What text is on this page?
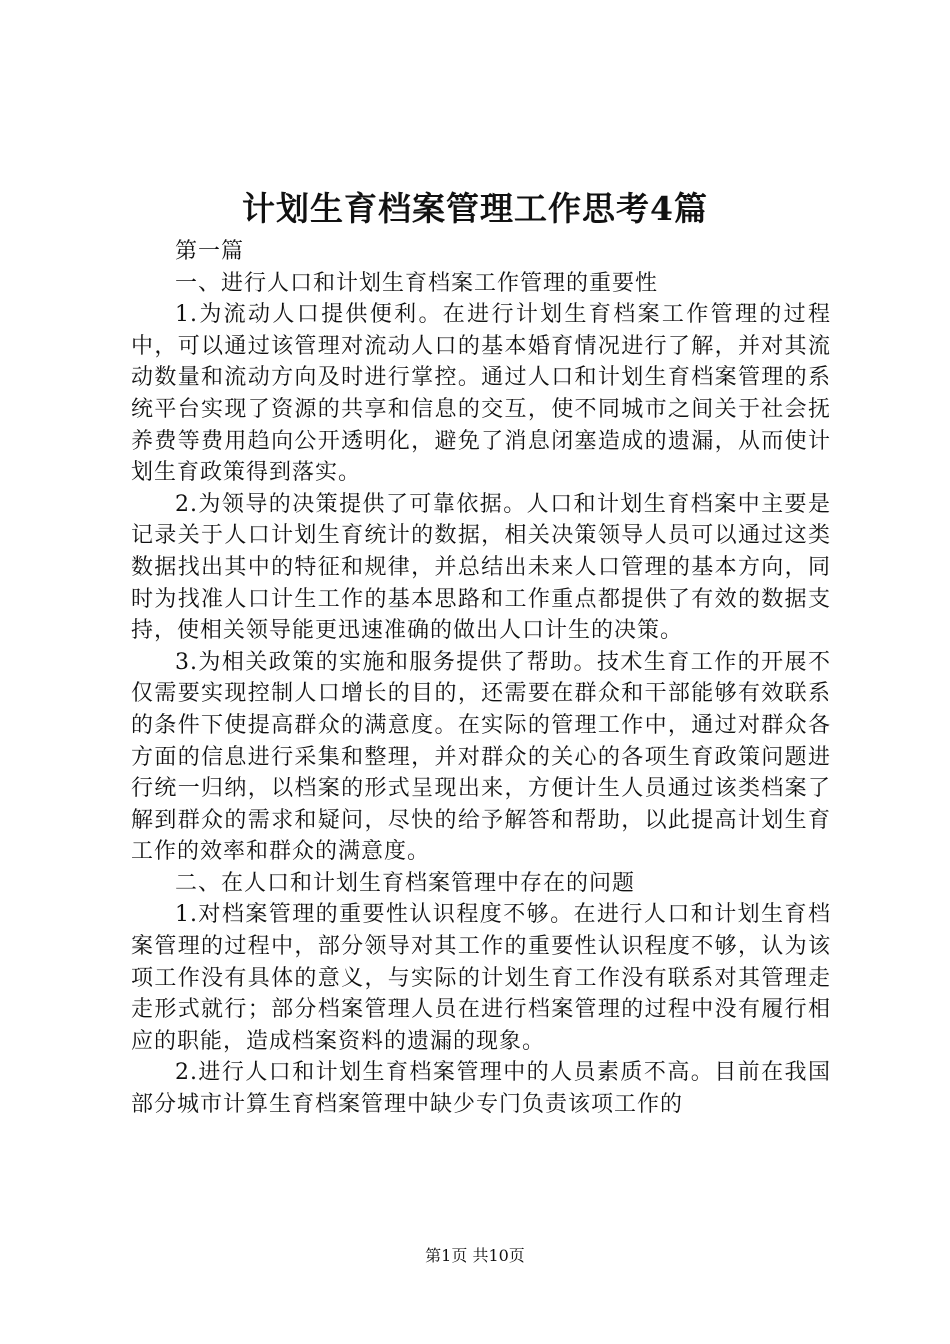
计划生育档案管理工作思考4篇

第一篇

一、进行人口和计划生育档案工作管理的重要性

1.为流动人口提供便利。在进行计划生育档案工作管理的过程中，可以通过该管理对流动人口的基本婚育情况进行了解，并对其流动数量和流动方向及时进行掌控。通过人口和计划生育档案管理的系统平台实现了资源的共享和信息的交互，使不同城市之间关于社会抚养费等费用趋向公开透明化，避免了消息闭塞造成的遗漏，从而使计划生育政策得到落实。

2.为领导的决策提供了可靠依据。人口和计划生育档案中主要是记录关于人口计划生育统计的数据，相关决策领导人员可以通过这类数据找出其中的特征和规律，并总结出未来人口管理的基本方向，同时为找准人口计生工作的基本思路和工作重点都提供了有效的数据支持，使相关领导能更迅速准确的做出人口计生的决策。

3.为相关政策的实施和服务提供了帮助。技术生育工作的开展不仅需要实现控制人口增长的目的，还需要在群众和干部能够有效联系的条件下使提高群众的满意度。在实际的管理工作中，通过对群众各方面的信息进行采集和整理，并对群众的关心的各项生育政策问题进行统一归纳，以档案的形式呈现出来，方便计生人员通过该类档案了解到群众的需求和疑问，尽快的给予解答和帮助，以此提高计划生育工作的效率和群众的满意度。

二、在人口和计划生育档案管理中存在的问题

1.对档案管理的重要性认识程度不够。在进行人口和计划生育档案管理的过程中，部分领导对其工作的重要性认识程度不够，认为该项工作没有具体的意义，与实际的计划生育工作没有联系对其管理走走形式就行；部分档案管理人员在进行档案管理的过程中没有履行相应的职能，造成档案资料的遗漏的现象。

2.进行人口和计划生育档案管理中的人员素质不高。目前在我国部分城市计算生育档案管理中缺少专门负责该项工作的

第1页 共10页
